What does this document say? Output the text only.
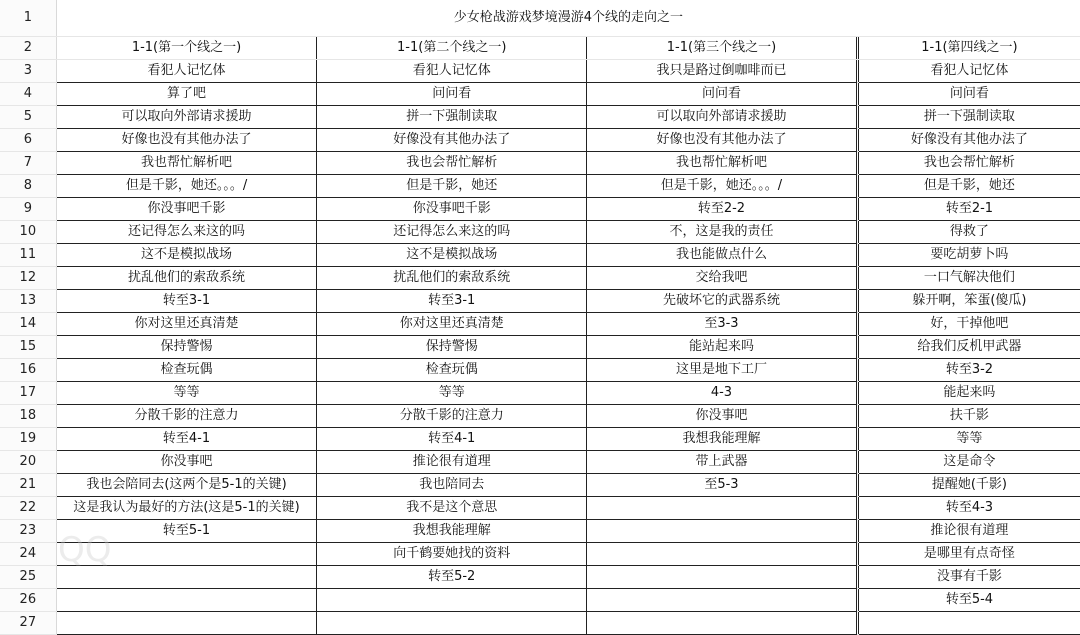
1	少女枪战游戏梦境漫游4个线的走向之一				
2	1-1(第一个线之一)	1-1(第二个线之一)	1-1(第三个线之一)		1-1(第四线之一)
3	看犯人记忆体	看犯人记忆体	我只是路过倒咖啡而已		看犯人记忆体
4	算了吧	问问看	问问看		问问看
5	可以取向外部请求援助	拼一下强制读取	可以取向外部请求援助		拼一下强制读取
6	好像也没有其他办法了	好像没有其他办法了	好像也没有其他办法了		好像没有其他办法了
7	我也帮忙解析吧	我也会帮忙解析	我也帮忙解析吧		我也会帮忙解析
8	但是千影，她还。。。/	但是千影，她还	但是千影，她还。。。/		但是千影，她还
9	你没事吧千影	你没事吧千影	转至2-2		转至2-1
10	还记得怎么来这的吗	还记得怎么来这的吗	不，这是我的责任		得救了
11	这不是模拟战场	这不是模拟战场	我也能做点什么		要吃胡萝卜吗
12	扰乱他们的索敌系统	扰乱他们的索敌系统	交给我吧		一口气解决他们
13	转至3-1	转至3-1	先破坏它的武器系统		躲开啊，笨蛋(傻瓜)
14	你对这里还真清楚	你对这里还真清楚	至3-3		好，干掉他吧
15	保持警惕	保持警惕	能站起来吗		给我们反机甲武器
16	检查玩偶	检查玩偶	这里是地下工厂		转至3-2
17	等等	等等	4-3		能起来吗
18	分散千影的注意力	分散千影的注意力	你没事吧		扶千影
19	转至4-1	转至4-1	我想我能理解		等等
20	你没事吧	推论很有道理	带上武器		这是命令
21	我也会陪同去(这两个是5-1的关键)	我也陪同去	至5-3		提醒她(千影)
22	这是我认为最好的方法(这是5-1的关键)	我不是这个意思			转至4-3
23	转至5-1	我想我能理解			推论很有道理
24		向千鹤要她找的资料			是哪里有点奇怪
25		转至5-2			没事有千影
26					转至5-4
27					
QQ
